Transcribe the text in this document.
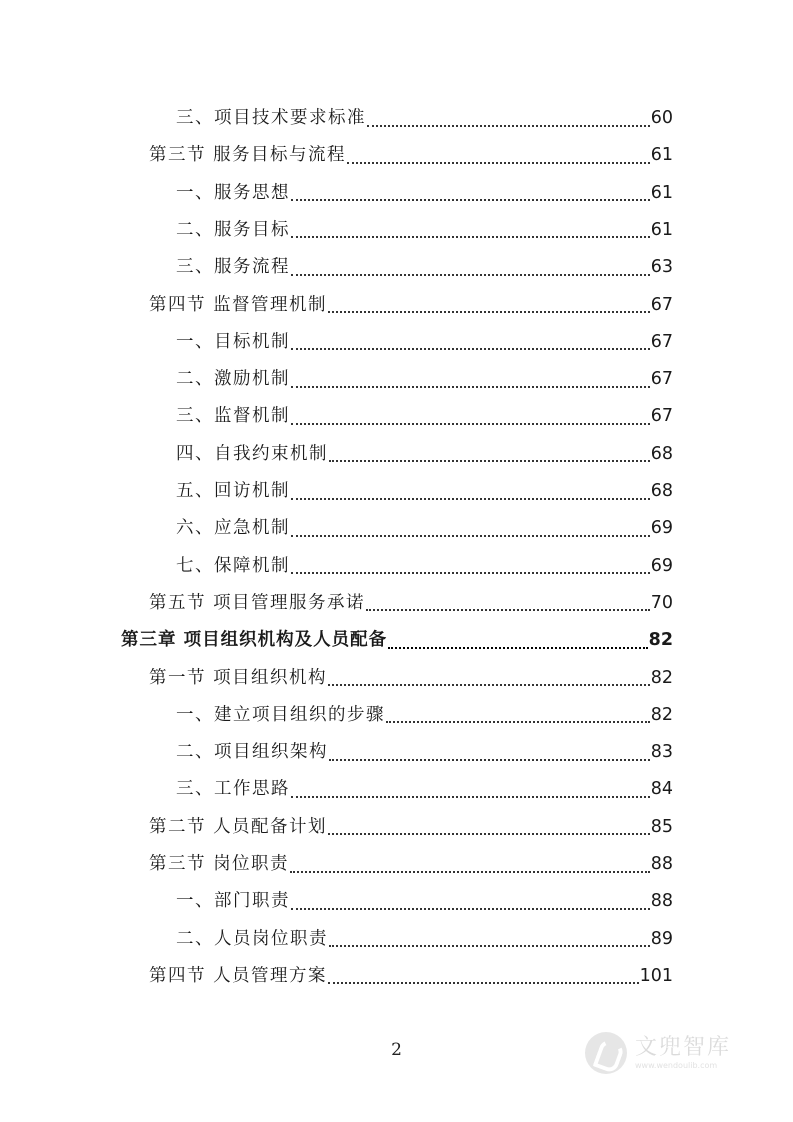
三、项目技术要求标准	60
第三节 服务目标与流程	61
一、服务思想	61
二、服务目标	61
三、服务流程	63
第四节 监督管理机制	67
一、目标机制	67
二、激励机制	67
三、监督机制	67
四、自我约束机制	68
五、回访机制	68
六、应急机制	69
七、保障机制	69
第五节 项目管理服务承诺	70
第三章 项目组织机构及人员配备	82
第一节 项目组织机构	82
一、建立项目组织的步骤	82
二、项目组织架构	83
三、工作思路	84
第二节 人员配备计划	85
第三节 岗位职责	88
一、部门职责	88
二、人员岗位职责	89
第四节 人员管理方案	101
2	文兜智库
www.wendoulib.com
